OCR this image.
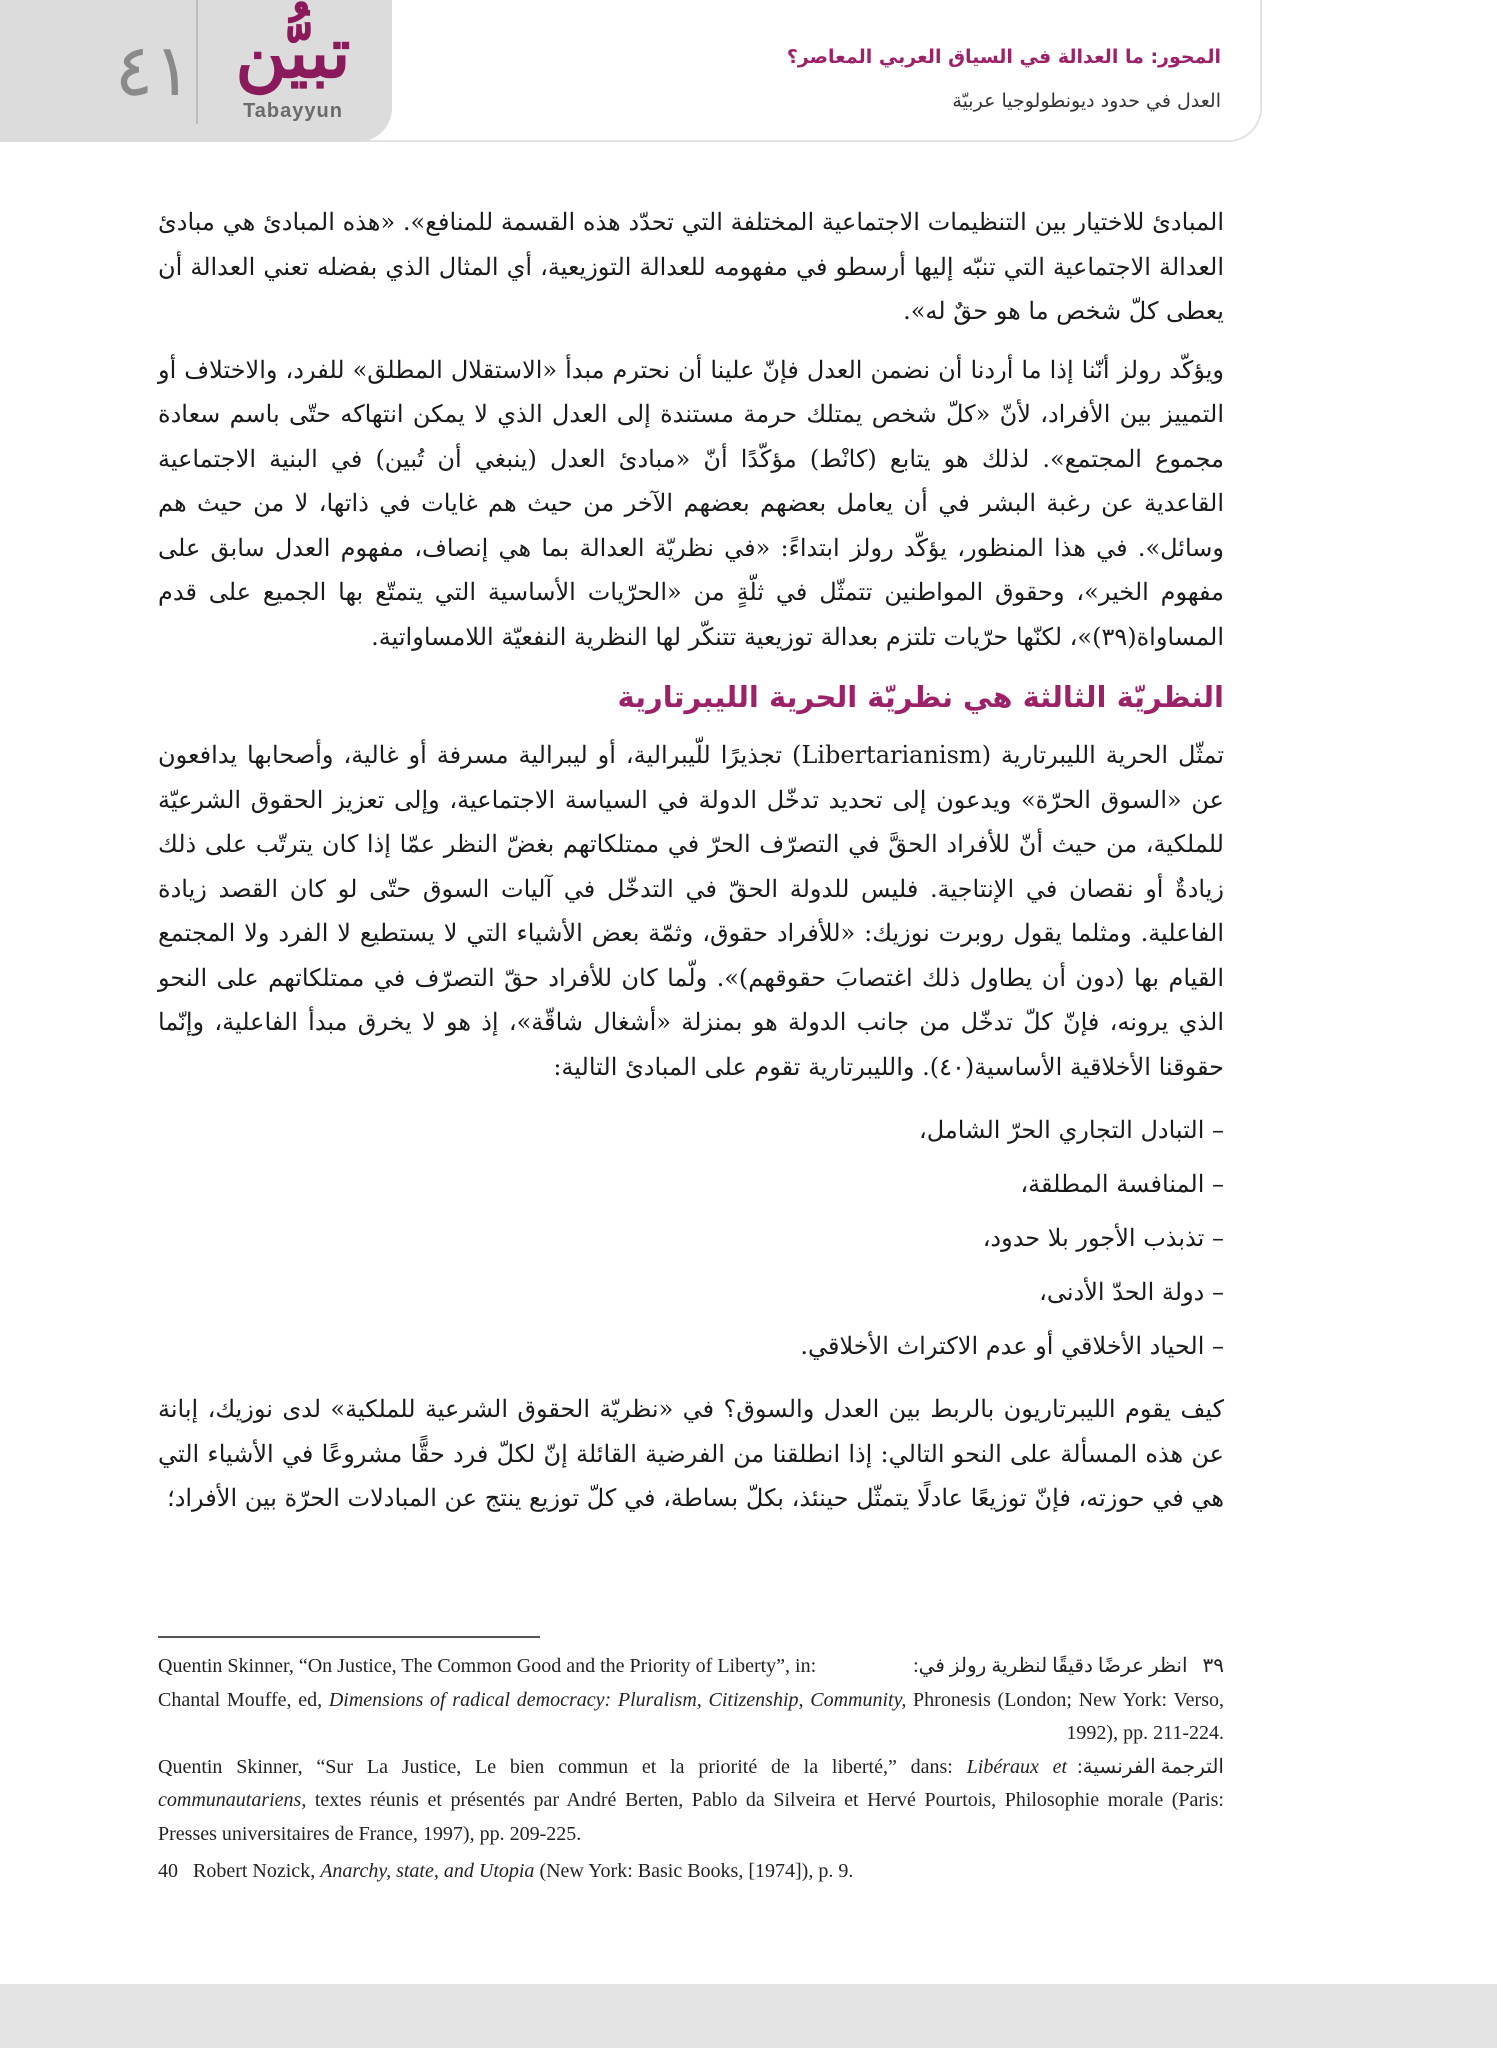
٤١ تبيُّن
Tabayyun
المحور: ما العدالة في السياق العربي المعاصر؟
العدل في حدود ديونطولوجيا عربيّة

المبادئ للاختيار بين التنظيمات الاجتماعية المختلفة التي تحدّد هذه القسمة للمنافع». «هذه المبادئ هي مبادئ العدالة الاجتماعية التي تنبّه إليها أرسطو في مفهومه للعدالة التوزيعية، أي المثال الذي بفضله تعني العدالة أن يعطى كلّ شخص ما هو حقٌ له».

ويؤكّد رولز أنّنا إذا ما أردنا أن نضمن العدل فإنّ علينا أن نحترم مبدأ «الاستقلال المطلق» للفرد، والاختلاف أو التمييز بين الأفراد، لأنّ «كلّ شخص يمتلك حرمة مستندة إلى العدل الذي لا يمكن انتهاكه حتّى باسم سعادة مجموع المجتمع». لذلك هو يتابع (كانْط) مؤكّدًا أنّ «مبادئ العدل (ينبغي أن تُبين) في البنية الاجتماعية القاعدية عن رغبة البشر في أن يعامل بعضهم بعضهم الآخر من حيث هم غايات في ذاتها، لا من حيث هم وسائل». في هذا المنظور، يؤكّد رولز ابتداءً: «في نظريّة العدالة بما هي إنصاف، مفهوم العدل سابق على مفهوم الخير»، وحقوق المواطنين تتمثّل في ثلّةٍ من «الحرّيات الأساسية التي يتمتّع بها الجميع على قدم المساواة(٣٩)»، لكنّها حرّيات تلتزم بعدالة توزيعية تتنكّر لها النظرية النفعيّة اللامساواتية.

النظريّة الثالثة هي نظريّة الحرية الليبرتارية

تمثّل الحرية الليبرتارية (Libertarianism) تجذيرًا للّيبرالية، أو ليبرالية مسرفة أو غالية، وأصحابها يدافعون عن «السوق الحرّة» ويدعون إلى تحديد تدخّل الدولة في السياسة الاجتماعية، وإلى تعزيز الحقوق الشرعيّة للملكية، من حيث أنّ للأفراد الحقَّ في التصرّف الحرّ في ممتلكاتهم بغضّ النظر عمّا إذا كان يترتّب على ذلك زيادةٌ أو نقصان في الإنتاجية. فليس للدولة الحقّ في التدخّل في آليات السوق حتّى لو كان القصد زيادة الفاعلية. ومثلما يقول روبرت نوزيك: «للأفراد حقوق، وثمّة بعض الأشياء التي لا يستطيع لا الفرد ولا المجتمع القيام بها (دون أن يطاول ذلك اغتصابَ حقوقهم)». ولّما كان للأفراد حقّ التصرّف في ممتلكاتهم على النحو الذي يرونه، فإنّ كلّ تدخّل من جانب الدولة هو بمنزلة «أشغال شاقّة»، إذ هو لا يخرق مبدأ الفاعلية، وإنّما حقوقنا الأخلاقية الأساسية(٤٠). والليبرتارية تقوم على المبادئ التالية:

– التبادل التجاري الحرّ الشامل،
– المنافسة المطلقة،
– تذبذب الأجور بلا حدود،
– دولة الحدّ الأدنى،
– الحياد الأخلاقي أو عدم الاكتراث الأخلاقي.

كيف يقوم الليبرتاريون بالربط بين العدل والسوق؟ في «نظريّة الحقوق الشرعية للملكية» لدى نوزيك، إبانة عن هذه المسألة على النحو التالي: إذا انطلقنا من الفرضية القائلة إنّ لكلّ فرد حقًّا مشروعًا في الأشياء التي هي في حوزته، فإنّ توزيعًا عادلًا يتمثّل حينئذ، بكلّ بساطة، في كلّ توزيع ينتج عن المبادلات الحرّة بين الأفراد؛

٣٩   انظر عرضًا دقيقًا لنظرية رولز في:
Quentin Skinner, “On Justice, The Common Good and the Priority of Liberty”, in:
Chantal Mouffe, ed, Dimensions of radical democracy: Pluralism, Citizenship, Community, Phronesis (London; New York: Verso, 1992), pp. 211-224.
الترجمة الفرنسية:
Quentin Skinner, “Sur La Justice, Le bien commun et la priorité de la liberté,” dans: Libéraux et communautariens, textes réunis et présentés par André Berten, Pablo da Silveira et Hervé Pourtois, Philosophie morale (Paris: Presses universitaires de France, 1997), pp. 209-225.
40 Robert Nozick, Anarchy, state, and Utopia (New York: Basic Books, [1974]), p. 9.
